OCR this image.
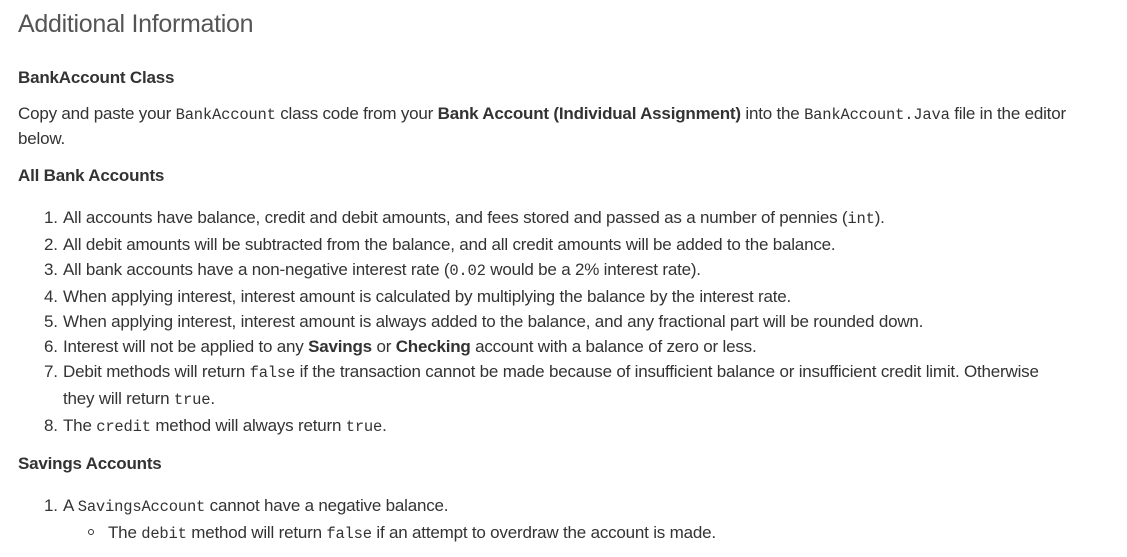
Additional Information
BankAccount Class
Copy and paste your BankAccount class code from your Bank Account (Individual Assignment) into the BankAccount.Java file in the editor below.
All Bank Accounts
1. All accounts have balance, credit and debit amounts, and fees stored and passed as a number of pennies (int).
2. All debit amounts will be subtracted from the balance, and all credit amounts will be added to the balance.
3. All bank accounts have a non-negative interest rate (0.02 would be a 2% interest rate).
4. When applying interest, interest amount is calculated by multiplying the balance by the interest rate.
5. When applying interest, interest amount is always added to the balance, and any fractional part will be rounded down.
6. Interest will not be applied to any Savings or Checking account with a balance of zero or less.
7. Debit methods will return false if the transaction cannot be made because of insufficient balance or insufficient credit limit. Otherwise they will return true.
8. The credit method will always return true.
Savings Accounts
1. A SavingsAccount cannot have a negative balance.
The debit method will return false if an attempt to overdraw the account is made.
